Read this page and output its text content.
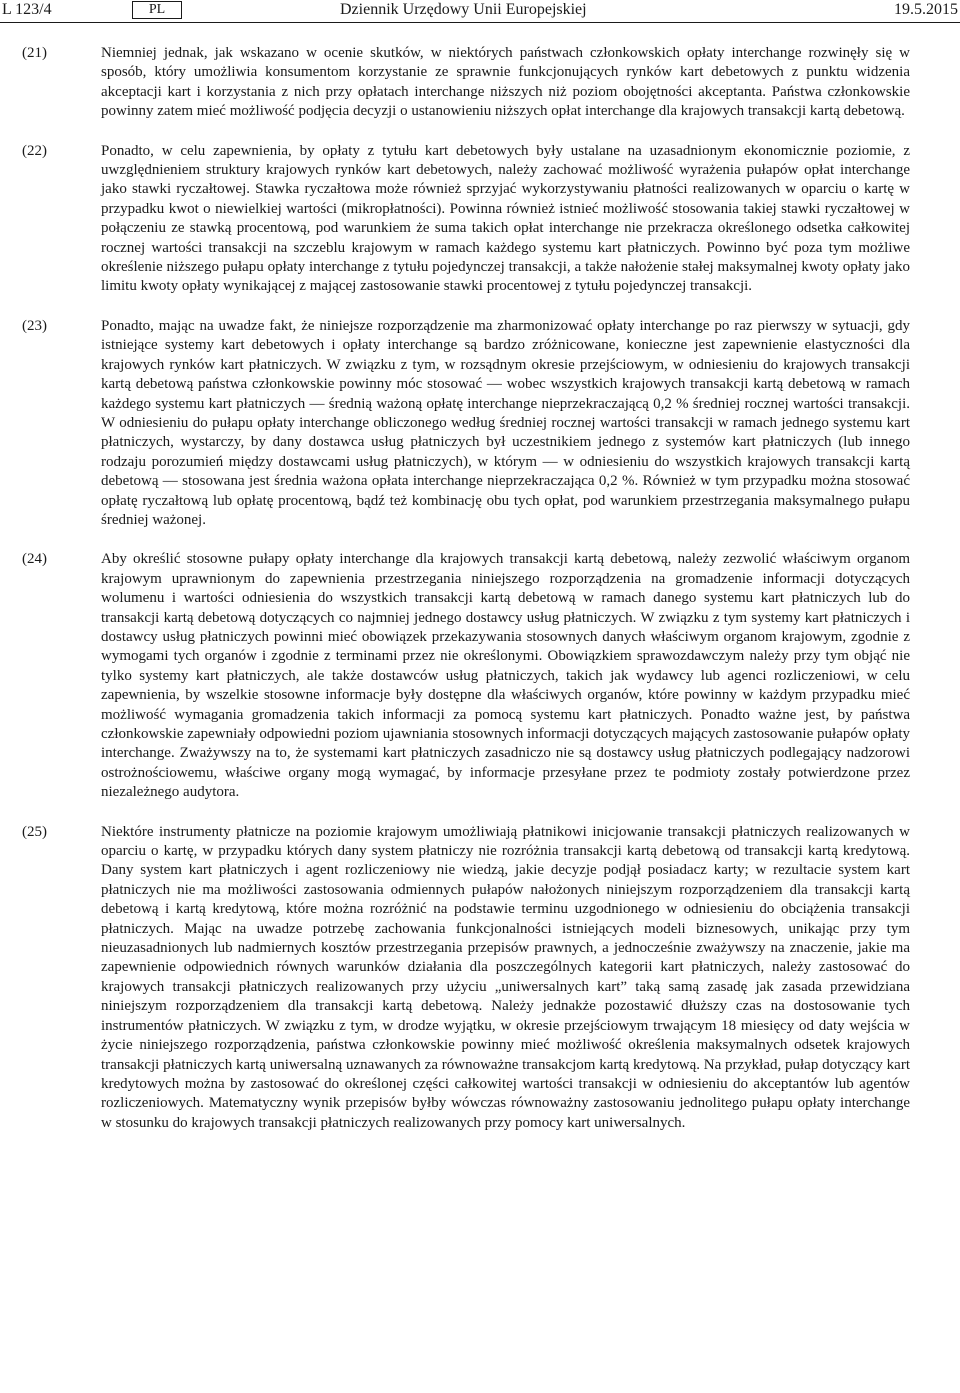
L 123/4	PL	Dziennik Urzędowy Unii Europejskiej	19.5.2015
(21)	Niemniej jednak, jak wskazano w ocenie skutków, w niektórych państwach członkowskich opłaty interchange rozwinęły się w sposób, który umożliwia konsumentom korzystanie ze sprawnie funkcjonujących rynków kart debetowych z punktu widzenia akceptacji kart i korzystania z nich przy opłatach interchange niższych niż poziom obojętności akceptanta. Państwa członkowskie powinny zatem mieć możliwość podjęcia decyzji o ustanowieniu niższych opłat interchange dla krajowych transakcji kartą debetową.
(22)	Ponadto, w celu zapewnienia, by opłaty z tytułu kart debetowych były ustalane na uzasadnionym ekonomicznie poziomie, z uwzględnieniem struktury krajowych rynków kart debetowych, należy zachować możliwość wyrażenia pułapów opłat interchange jako stawki ryczałtowej. Stawka ryczałtowa może również sprzyjać wykorzystywaniu płatności realizowanych w oparciu o kartę w przypadku kwot o niewielkiej wartości (mikropłatności). Powinna również istnieć możliwość stosowania takiej stawki ryczałtowej w połączeniu ze stawką procentową, pod warunkiem że suma takich opłat interchange nie przekracza określonego odsetka całkowitej rocznej wartości transakcji na szczeblu krajowym w ramach każdego systemu kart płatniczych. Powinno być poza tym możliwe określenie niższego pułapu opłaty interchange z tytułu pojedynczej transakcji, a także nałożenie stałej maksymalnej kwoty opłaty jako limitu kwoty opłaty wynikającej z mającej zastosowanie stawki procentowej z tytułu pojedynczej transakcji.
(23)	Ponadto, mając na uwadze fakt, że niniejsze rozporządzenie ma zharmonizować opłaty interchange po raz pierwszy w sytuacji, gdy istniejące systemy kart debetowych i opłaty interchange są bardzo zróżnicowane, konieczne jest zapewnienie elastyczności dla krajowych rynków kart płatniczych. W związku z tym, w rozsądnym okresie przejściowym, w odniesieniu do krajowych transakcji kartą debetową państwa członkowskie powinny móc stosować — wobec wszystkich krajowych transakcji kartą debetową w ramach każdego systemu kart płatniczych — średnią ważoną opłatę interchange nieprzekraczającą 0,2 % średniej rocznej wartości transakcji. W odniesieniu do pułapu opłaty interchange obliczonego według średniej rocznej wartości transakcji w ramach jednego systemu kart płatniczych, wystarczy, by dany dostawca usług płatniczych był uczestnikiem jednego z systemów kart płatniczych (lub innego rodzaju porozumień między dostawcami usług płatniczych), w którym — w odniesieniu do wszystkich krajowych transakcji kartą debetową — stosowana jest średnia ważona opłata interchange nieprzekraczająca 0,2 %. Również w tym przypadku można stosować opłatę ryczałtową lub opłatę procentową, bądź też kombinację obu tych opłat, pod warunkiem przestrzegania maksymalnego pułapu średniej ważonej.
(24)	Aby określić stosowne pułapy opłaty interchange dla krajowych transakcji kartą debetową, należy zezwolić właściwym organom krajowym uprawnionym do zapewnienia przestrzegania niniejszego rozporządzenia na gromadzenie informacji dotyczących wolumenu i wartości odniesienia do wszystkich transakcji kartą debetową w ramach danego systemu kart płatniczych lub do transakcji kartą debetową dotyczących co najmniej jednego dostawcy usług płatniczych. W związku z tym systemy kart płatniczych i dostawcy usług płatniczych powinni mieć obowiązek przekazywania stosownych danych właściwym organom krajowym, zgodnie z wymogami tych organów i zgodnie z terminami przez nie określonymi. Obowiązkiem sprawozdawczym należy przy tym objąć nie tylko systemy kart płatniczych, ale także dostawców usług płatniczych, takich jak wydawcy lub agenci rozliczeniowi, w celu zapewnienia, by wszelkie stosowne informacje były dostępne dla właściwych organów, które powinny w każdym przypadku mieć możliwość wymagania gromadzenia takich informacji za pomocą systemu kart płatniczych. Ponadto ważne jest, by państwa członkowskie zapewniały odpowiedni poziom ujawniania stosownych informacji dotyczących mających zastosowanie pułapów opłaty interchange. Zważywszy na to, że systemami kart płatniczych zasadniczo nie są dostawcy usług płatniczych podlegający nadzorowi ostrożnościowemu, właściwe organy mogą wymagać, by informacje przesyłane przez te podmioty zostały potwierdzone przez niezależnego audytora.
(25)	Niektóre instrumenty płatnicze na poziomie krajowym umożliwiają płatnikowi inicjowanie transakcji płatniczych realizowanych w oparciu o kartę, w przypadku których dany system płatniczy nie rozróżnia transakcji kartą debetową od transakcji kartą kredytową. Dany system kart płatniczych i agent rozliczeniowy nie wiedzą, jakie decyzje podjął posiadacz karty; w rezultacie system kart płatniczych nie ma możliwości zastosowania odmiennych pułapów nałożonych niniejszym rozporządzeniem dla transakcji kartą debetową i kartą kredytową, które można rozróżnić na podstawie terminu uzgodnionego w odniesieniu do obciążenia transakcji płatniczych. Mając na uwadze potrzebę zachowania funkcjonalności istniejących modeli biznesowych, unikając przy tym nieuzasadnionych lub nadmiernych kosztów przestrzegania przepisów prawnych, a jednocześnie zważywszy na znaczenie, jakie ma zapewnienie odpowiednich równych warunków działania dla poszczególnych kategorii kart płatniczych, należy zastosować do krajowych transakcji płatniczych realizowanych przy użyciu „uniwersalnych kart” taką samą zasadę jak zasada przewidziana niniejszym rozporządzeniem dla transakcji kartą debetową. Należy jednakże pozostawić dłuższy czas na dostosowanie tych instrumentów płatniczych. W związku z tym, w drodze wyjątku, w okresie przejściowym trwającym 18 miesięcy od daty wejścia w życie niniejszego rozporządzenia, państwa członkowskie powinny mieć możliwość określenia maksymalnych odsetek krajowych transakcji płatniczych kartą uniwersalną uznawanych za równoważne transakcjom kartą kredytową. Na przykład, pułap dotyczący kart kredytowych można by zastosować do określonej części całkowitej wartości transakcji w odniesieniu do akceptantów lub agentów rozliczeniowych. Matematyczny wynik przepisów byłby wówczas równoważny zastosowaniu jednolitego pułapu opłaty interchange w stosunku do krajowych transakcji płatniczych realizowanych przy pomocy kart uniwersalnych.
